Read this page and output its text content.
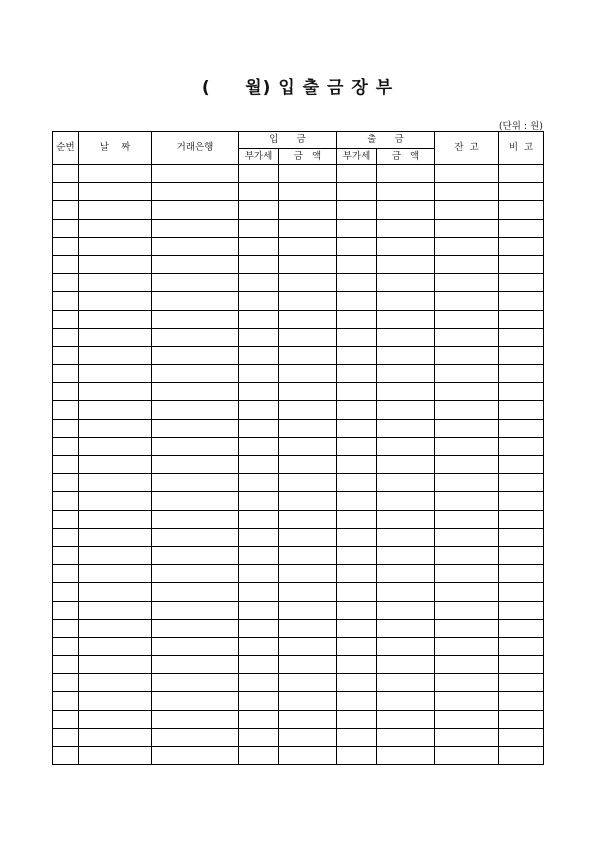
(     월) 입 출 금 장 부
(단위 : 원)
순번	날    짜	거래은행	입      금		출      금		잔  고	비  고
			부가세	금   액	부가세	금   액		
